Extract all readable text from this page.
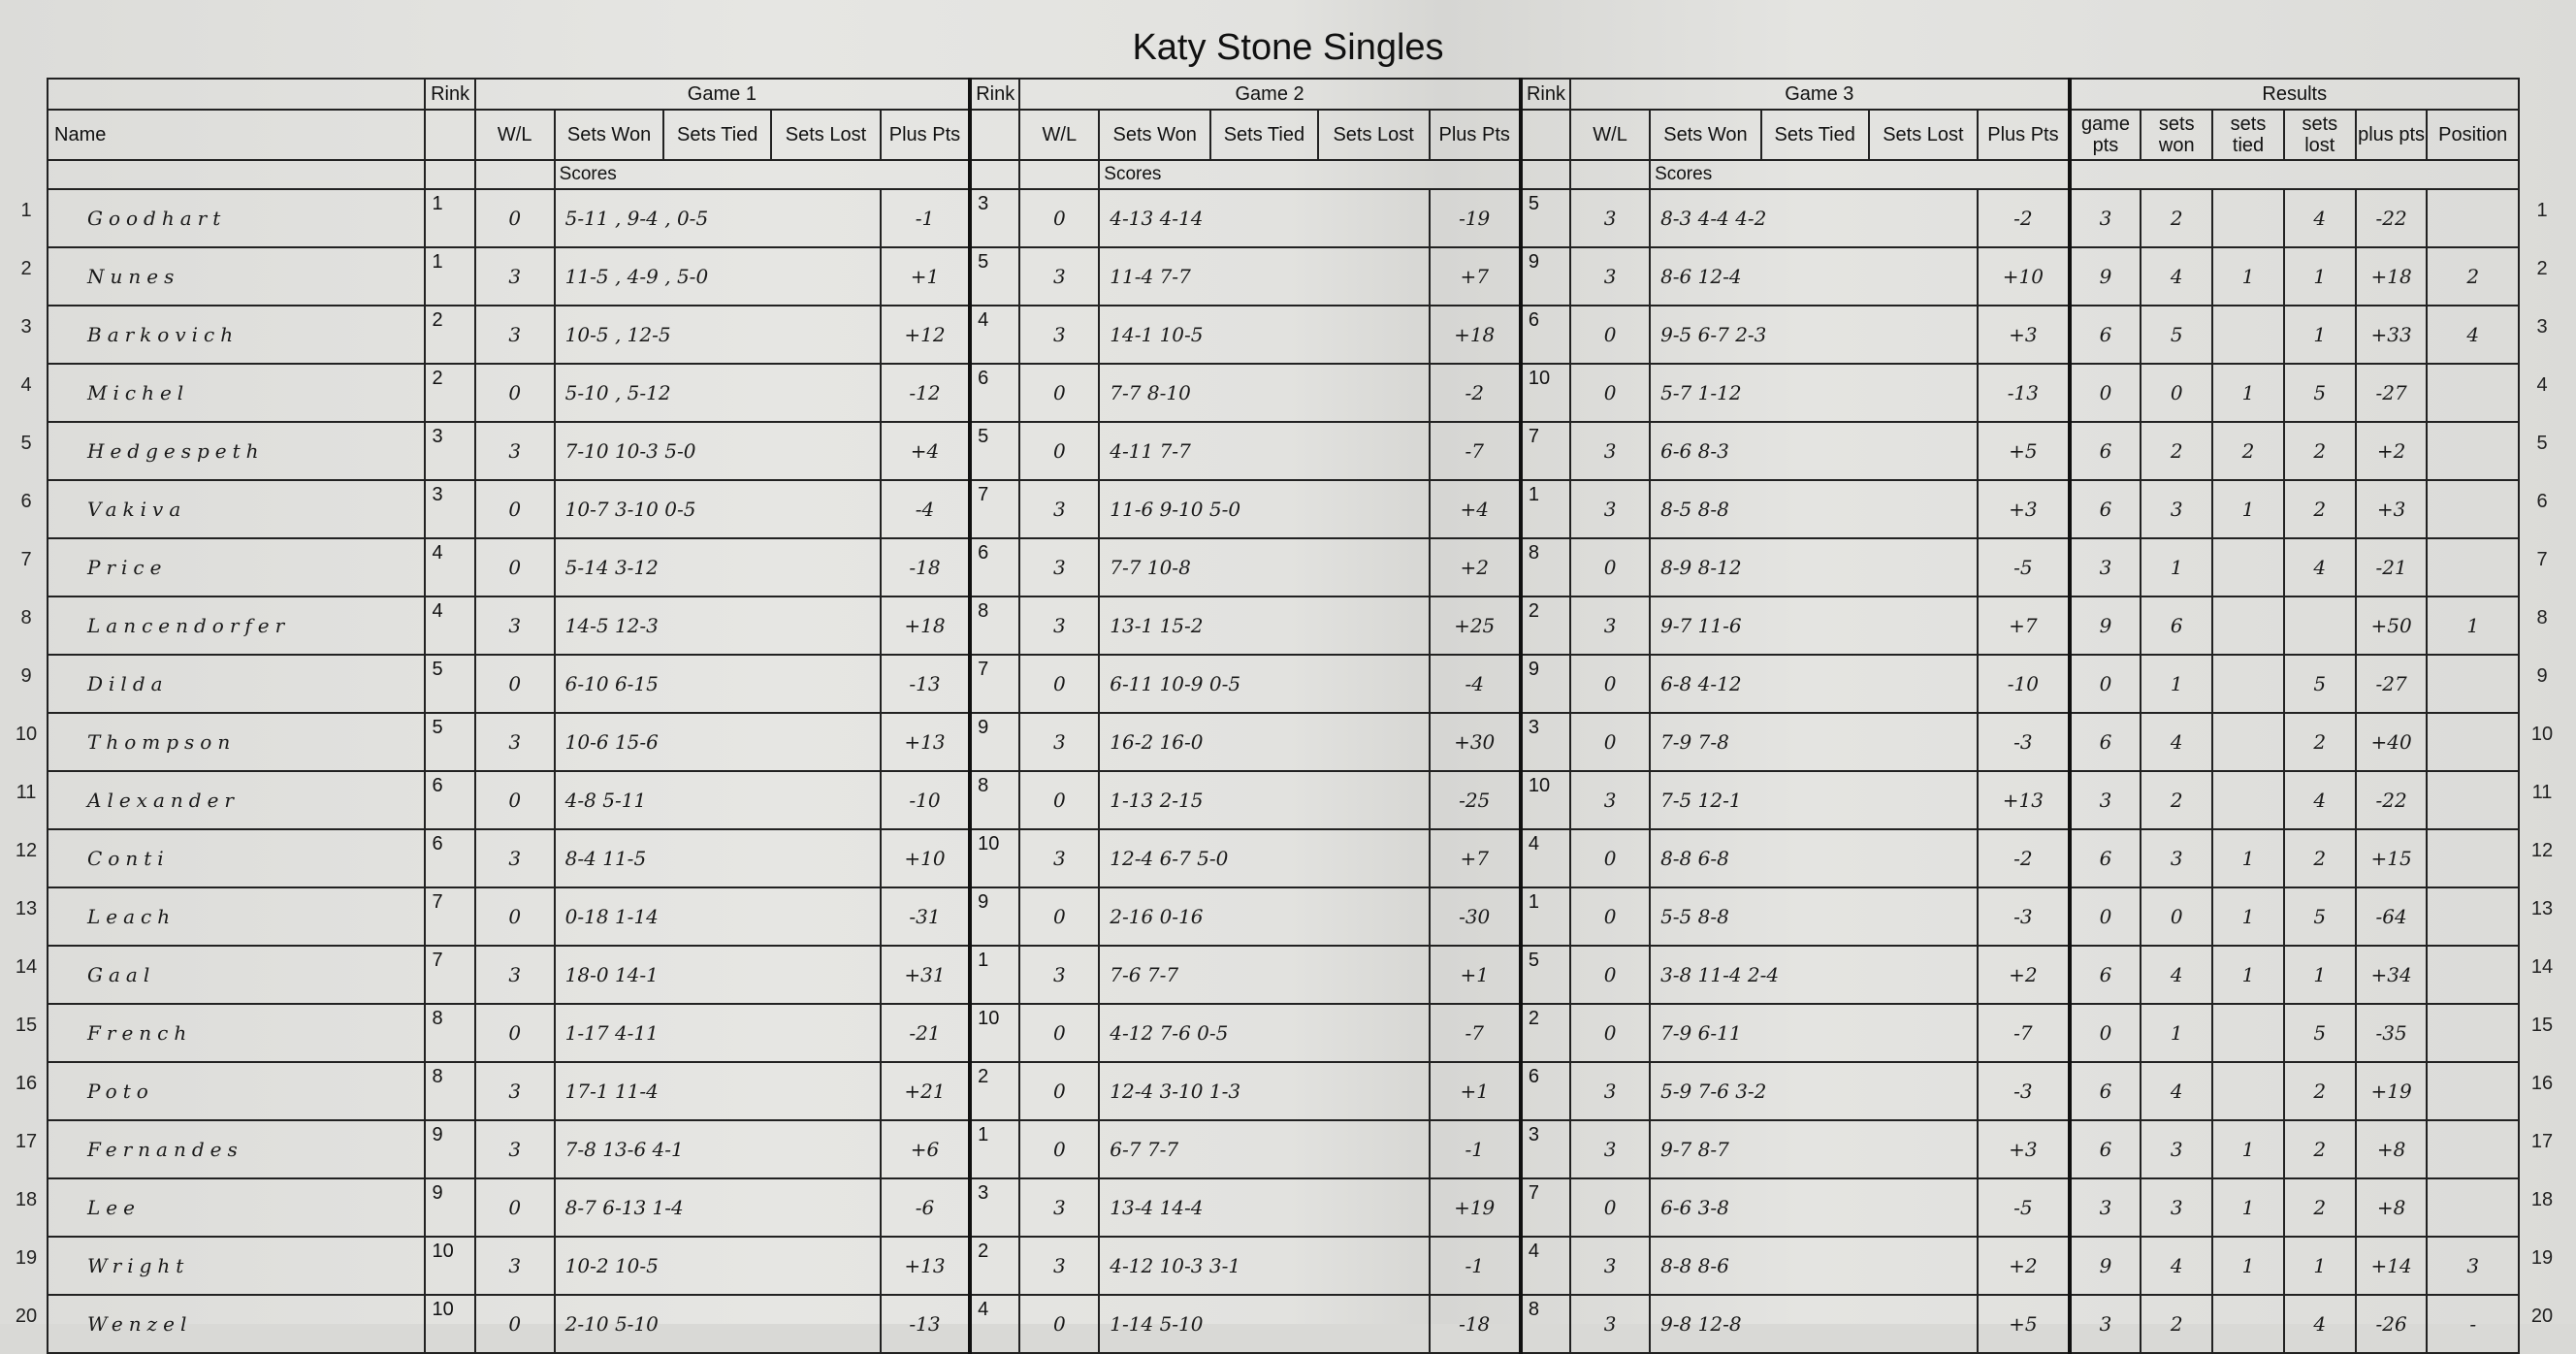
Katy Stone Singles
	Rink	Game 1					Rink	Game 2					Rink	Game 3					Results					
Name		W/L	Sets Won	Sets Tied	Sets Lost	Plus Pts		W/L	Sets Won	Sets Tied	Sets Lost	Plus Pts		W/L	Sets Won	Sets Tied	Sets Lost	Plus Pts	game pts	sets won	sets tied	sets lost	plus pts	Position
			Scores						Scores						Scores									
Goodhart	1	0	5-11 , 9-4 , 0-5			-1	3	0	4-13 4-14			-19	5	3	8-3 4-4 4-2			-2	3	2		4	-22	
Nunes	1	3	11-5 , 4-9 , 5-0			+1	5	3	11-4 7-7			+7	9	3	8-6 12-4			+10	9	4	1	1	+18	2
Barkovich	2	3	10-5 , 12-5			+12	4	3	14-1 10-5			+18	6	0	9-5 6-7 2-3			+3	6	5		1	+33	4
Michel	2	0	5-10 , 5-12			-12	6	0	7-7 8-10			-2	10	0	5-7 1-12			-13	0	0	1	5	-27	
Hedgespeth	3	3	7-10 10-3 5-0			+4	5	0	4-11 7-7			-7	7	3	6-6 8-3			+5	6	2	2	2	+2	
Vakiva	3	0	10-7 3-10 0-5			-4	7	3	11-6 9-10 5-0			+4	1	3	8-5 8-8			+3	6	3	1	2	+3	
Price	4	0	5-14 3-12			-18	6	3	7-7 10-8			+2	8	0	8-9 8-12			-5	3	1		4	-21	
Lancendorfer	4	3	14-5 12-3			+18	8	3	13-1 15-2			+25	2	3	9-7 11-6			+7	9	6			+50	1
Dilda	5	0	6-10 6-15			-13	7	0	6-11 10-9 0-5			-4	9	0	6-8 4-12			-10	0	1		5	-27	
Thompson	5	3	10-6 15-6			+13	9	3	16-2 16-0			+30	3	0	7-9 7-8			-3	6	4		2	+40	
Alexander	6	0	4-8 5-11			-10	8	0	1-13 2-15			-25	10	3	7-5 12-1			+13	3	2		4	-22	
Conti	6	3	8-4 11-5			+10	10	3	12-4 6-7 5-0			+7	4	0	8-8 6-8			-2	6	3	1	2	+15	
Leach	7	0	0-18 1-14			-31	9	0	2-16 0-16			-30	1	0	5-5 8-8			-3	0	0	1	5	-64	
Gaal	7	3	18-0 14-1			+31	1	3	7-6 7-7			+1	5	0	3-8 11-4 2-4			+2	6	4	1	1	+34	
French	8	0	1-17 4-11			-21	10	0	4-12 7-6 0-5			-7	2	0	7-9 6-11			-7	0	1		5	-35	
Poto	8	3	17-1 11-4			+21	2	0	12-4 3-10 1-3			+1	6	3	5-9 7-6 3-2			-3	6	4		2	+19	
Fernandes	9	3	7-8 13-6 4-1			+6	1	0	6-7 7-7			-1	3	3	9-7 8-7			+3	6	3	1	2	+8	
Lee	9	0	8-7 6-13 1-4			-6	3	3	13-4 14-4			+19	7	0	6-6 3-8			-5	3	3	1	2	+8	
Wright	10	3	10-2 10-5			+13	2	3	4-12 10-3 3-1			-1	4	3	8-8 8-6			+2	9	4	1	1	+14	3
Wenzel	10	0	2-10 5-10			-13	4	0	1-14 5-10			-18	8	3	9-8 12-8			+5	3	2		4	-26	-
1	1
2	2
3	3
4	4
5	5
6	6
7	7
8	8
9	9
10	10
11	11
12	12
13	13
14	14
15	15
16	16
17	17
18	18
19	19
20	20
